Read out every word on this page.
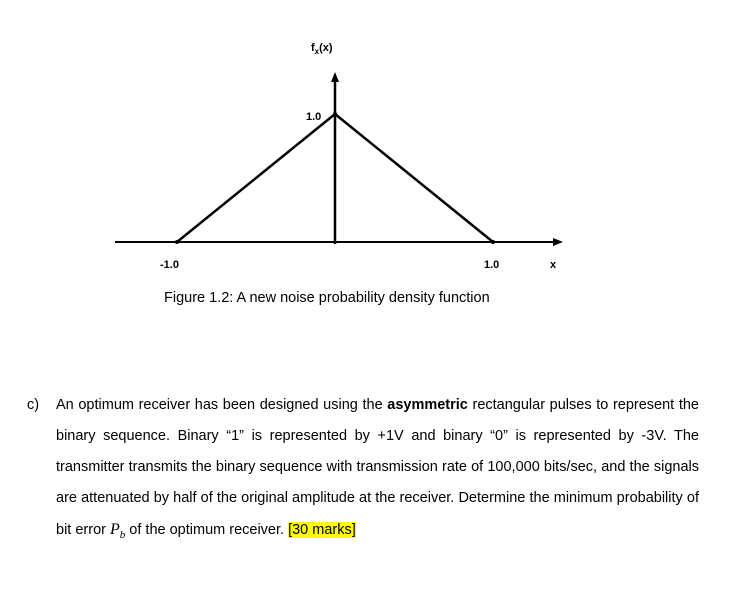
$f_x(x)$
1.0
-1.0	1.0	x
Figure 1.2: A new noise probability density function
c) An optimum receiver has been designed using the asymmetric rectangular pulses to represent the binary sequence. Binary “1” is represented by +1V and binary “0” is represented by -3V. The transmitter transmits the binary sequence with transmission rate of 100,000 bits/sec, and the signals are attenuated by half of the original amplitude at the receiver. Determine the minimum probability of bit error $P_b$ of the optimum receiver. [30 marks]
